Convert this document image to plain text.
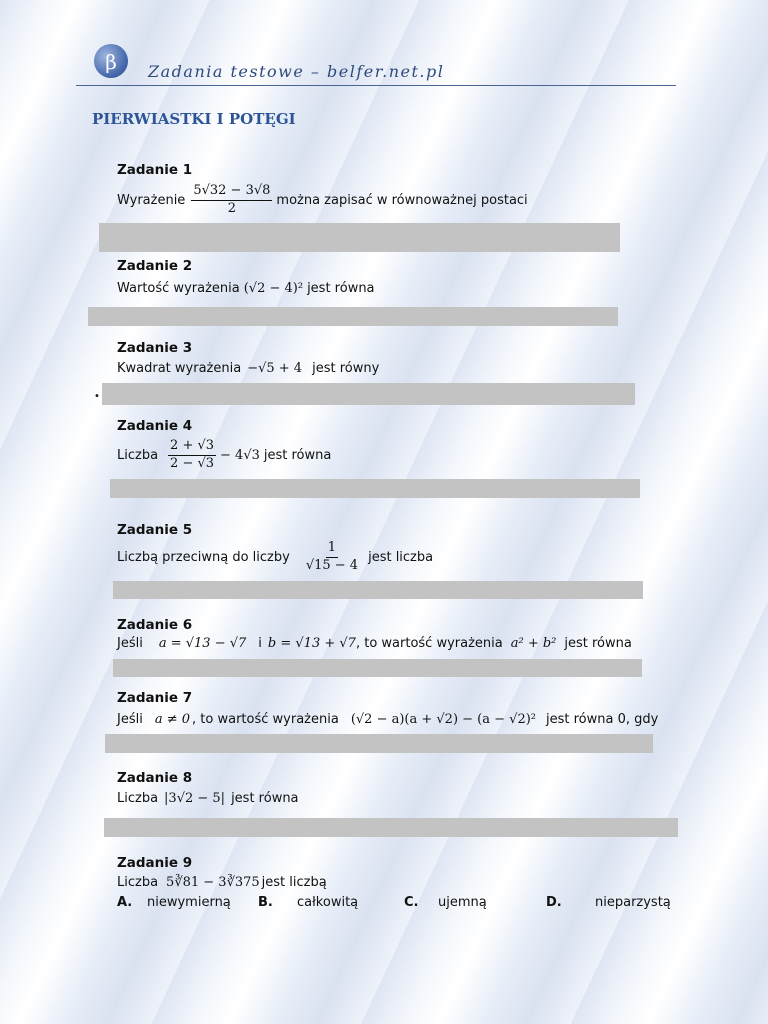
β	Zadania testowe – belfer.net.pl
PIERWIASTKI I POTĘGI
Zadanie 1
Wyrażenie $\frac{5√32 - 3√8}{2}$ można zapisać w równoważnej postaci
Zadanie 2
Wartość wyrażenia (√2 − 4)² jest równa
Zadanie 3
Kwadrat wyrażenia −√5 + 4 jest równy
•
Zadanie 4
Liczba $\frac{2 + √3}{2 - √3} - 4√3$ jest równa
Zadanie 5
Liczbą przeciwną do liczby $\frac{1}{√15 - 4}$ jest liczba
Zadanie 6
Jeśli a = √13 − √7 i b = √13 + √7 , to wartość wyrażenia a² + b² jest równa
Zadanie 7
Jeśli a ≠ 0 , to wartość wyrażenia (√2 − a)(a + √2) − (a − √2)² jest równa 0, gdy
Zadanie 8
Liczba |3√2 − 5| jest równa
Zadanie 9
Liczba 5∛81 − 3∛375 jest liczbą
A. niewymierną B. całkowitą	C. ujemną	D.	nieparzystą
